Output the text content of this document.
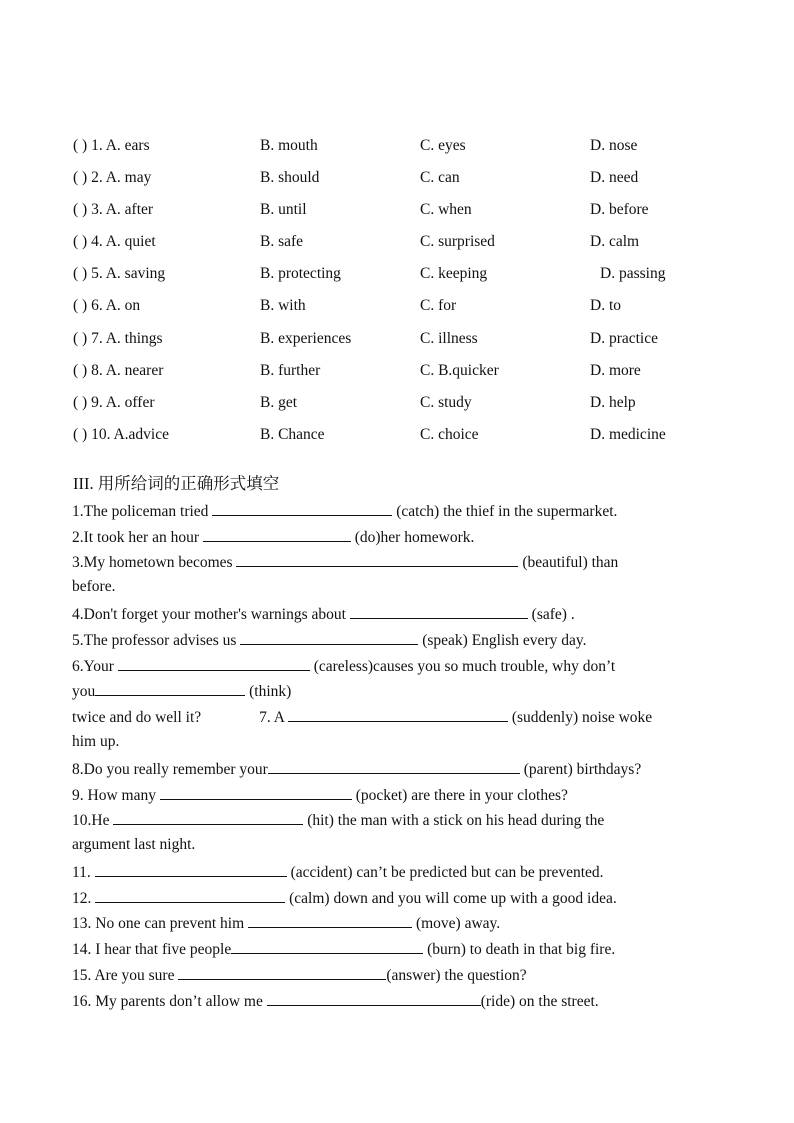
( ) 1. A. ears	B. mouth	C. eyes	D. nose
( ) 2. A. may	B. should	C. can	D. need
( ) 3. A. after	B. until	C. when	D. before
( ) 4. A. quiet	B. safe	C. surprised	D. calm
( ) 5. A. saving	B. protecting	C. keeping	D. passing
( ) 6. A. on	B. with	C. for	D. to
( ) 7. A. things	B. experiences	C. illness	D. practice
( ) 8. A. nearer	B. further	C. B.quicker	D. more
( ) 9. A. offer	B. get	C. study	D. help
( ) 10. A.advice	B. Chance	C. choice	D. medicine
III. 用所给词的正确形式填空
1.The policeman tried	(catch) the thief in the supermarket.
2.It took her an hour	(do)her homework.
3.My hometown becomes	(beautiful) than
before.
4.Don't forget your mother's warnings about	(safe) .
5.The professor advises us	(speak) English every day.
6.Your	(careless)causes you so much trouble, why don’t
you	(think)
twice and do well it?	7. A	(suddenly) noise woke
him up.
8.Do you really remember your	(parent) birthdays?
9. How many	(pocket) are there in your clothes?
10.He	(hit) the man with a stick on his head during the
argument last night.
11.	(accident) can’t be predicted but can be prevented.
12.	(calm) down and you will come up with a good idea.
13. No one can prevent him	(move) away.
14. I hear that five people	(burn) to death in that big fire.
15. Are you sure	(answer) the question?
16. My parents don’t allow me	(ride) on the street.
